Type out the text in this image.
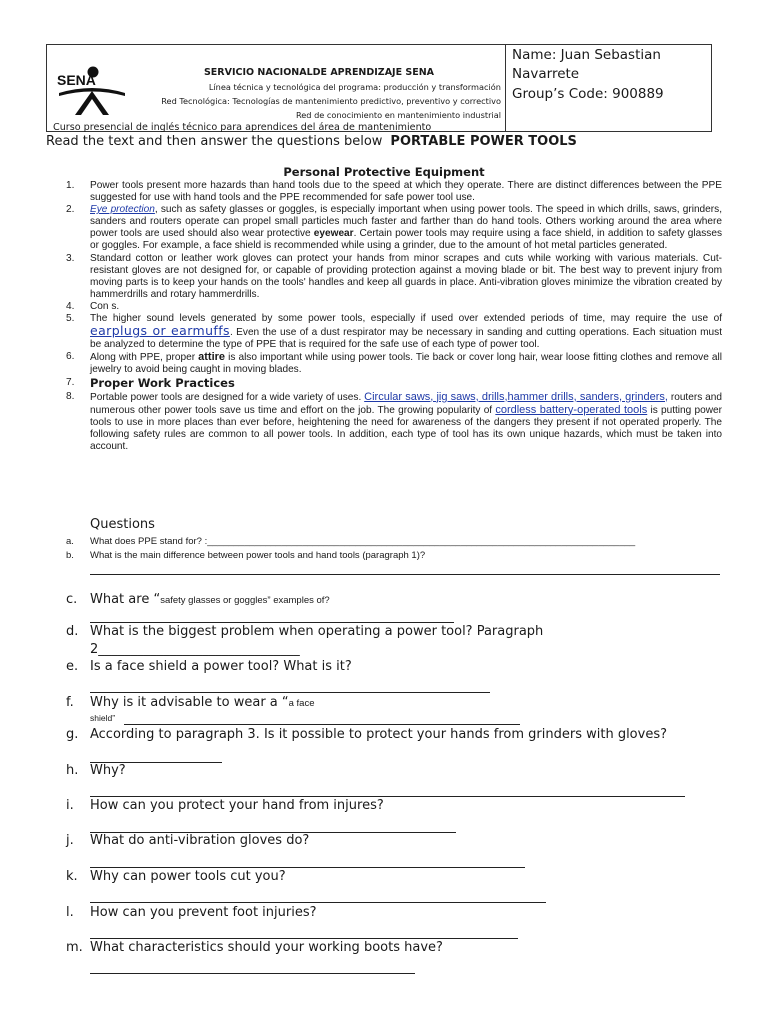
SENA	SERVICIO NACIONALDE APRENDIZAJE SENA
Línea técnica y tecnológica del programa: producción y transformación
Red Tecnológica: Tecnologías de mantenimiento predictivo, preventivo y correctivo
Red de conocimiento en mantenimiento industrial
Curso presencial de inglés técnico para aprendices del área de mantenimiento
Name: Juan Sebastian
Navarrete
Group’s Code: 900889
Read the text and then answer the questions below PORTABLE POWER TOOLS
Personal Protective Equipment
1. Power tools present more hazards than hand tools due to the speed at which they operate. There are distinct differences between the PPE suggested for use with hand tools and the PPE recommended for safe power tool use.
2. Eye protection, such as safety glasses or goggles, is especially important when using power tools. The speed in which drills, saws, grinders, sanders and routers operate can propel small particles much faster and farther than do hand tools. Others working around the area where power tools are used should also wear protective eyewear. Certain power tools may require using a face shield, in addition to safety glasses or goggles. For example, a face shield is recommended while using a grinder, due to the amount of hot metal particles generated.
3. Standard cotton or leather work gloves can protect your hands from minor scrapes and cuts while working with various materials. Cut-resistant gloves are not designed for, or capable of providing protection against a moving blade or bit. The best way to prevent injury from moving parts is to keep your hands on the tools' handles and keep all guards in place. Anti-vibration gloves minimize the vibration created by hammerdrills and rotary hammerdrills.
4. Con s.
5. The higher sound levels generated by some power tools, especially if used over extended periods of time, may require the use of earplugs or earmuffs. Even the use of a dust respirator may be necessary in sanding and cutting operations. Each situation must be analyzed to determine the type of PPE that is required for the safe use of each type of power tool.
6. Along with PPE, proper attire is also important while using power tools. Tie back or cover long hair, wear loose fitting clothes and remove all jewelry to avoid being caught in moving blades.
7. Proper Work Practices
8. Portable power tools are designed for a wide variety of uses. Circular saws, jig saws, drills,hammer drills, sanders, grinders, routers and numerous other power tools save us time and effort on the job. The growing popularity of cordless battery-operated tools is putting power tools to use in more places than ever before, heightening the need for awareness of the dangers they present if not operated properly. The following safety rules are common to all power tools. In addition, each type of tool has its own unique hazards, which must be taken into account.
Questions
a. What does PPE stand for? :_________________________________________________________________________________
b. What is the main difference between power tools and hand tools (paragraph 1)?
c. What are “safety glasses or goggles” examples of?
d. What is the biggest problem when operating a power tool? Paragraph
2_______________________________
e. Is a face shield a power tool? What is it?
f. Why is it advisable to wear a “a face
shield”
g. According to paragraph 3. Is it possible to protect your hands from grinders with gloves?
h. Why?
i. How can you protect your hand from injures?
j. What do anti-vibration gloves do?
k. Why can power tools cut you?
l. How can you prevent foot injuries?
m. What characteristics should your working boots have?
